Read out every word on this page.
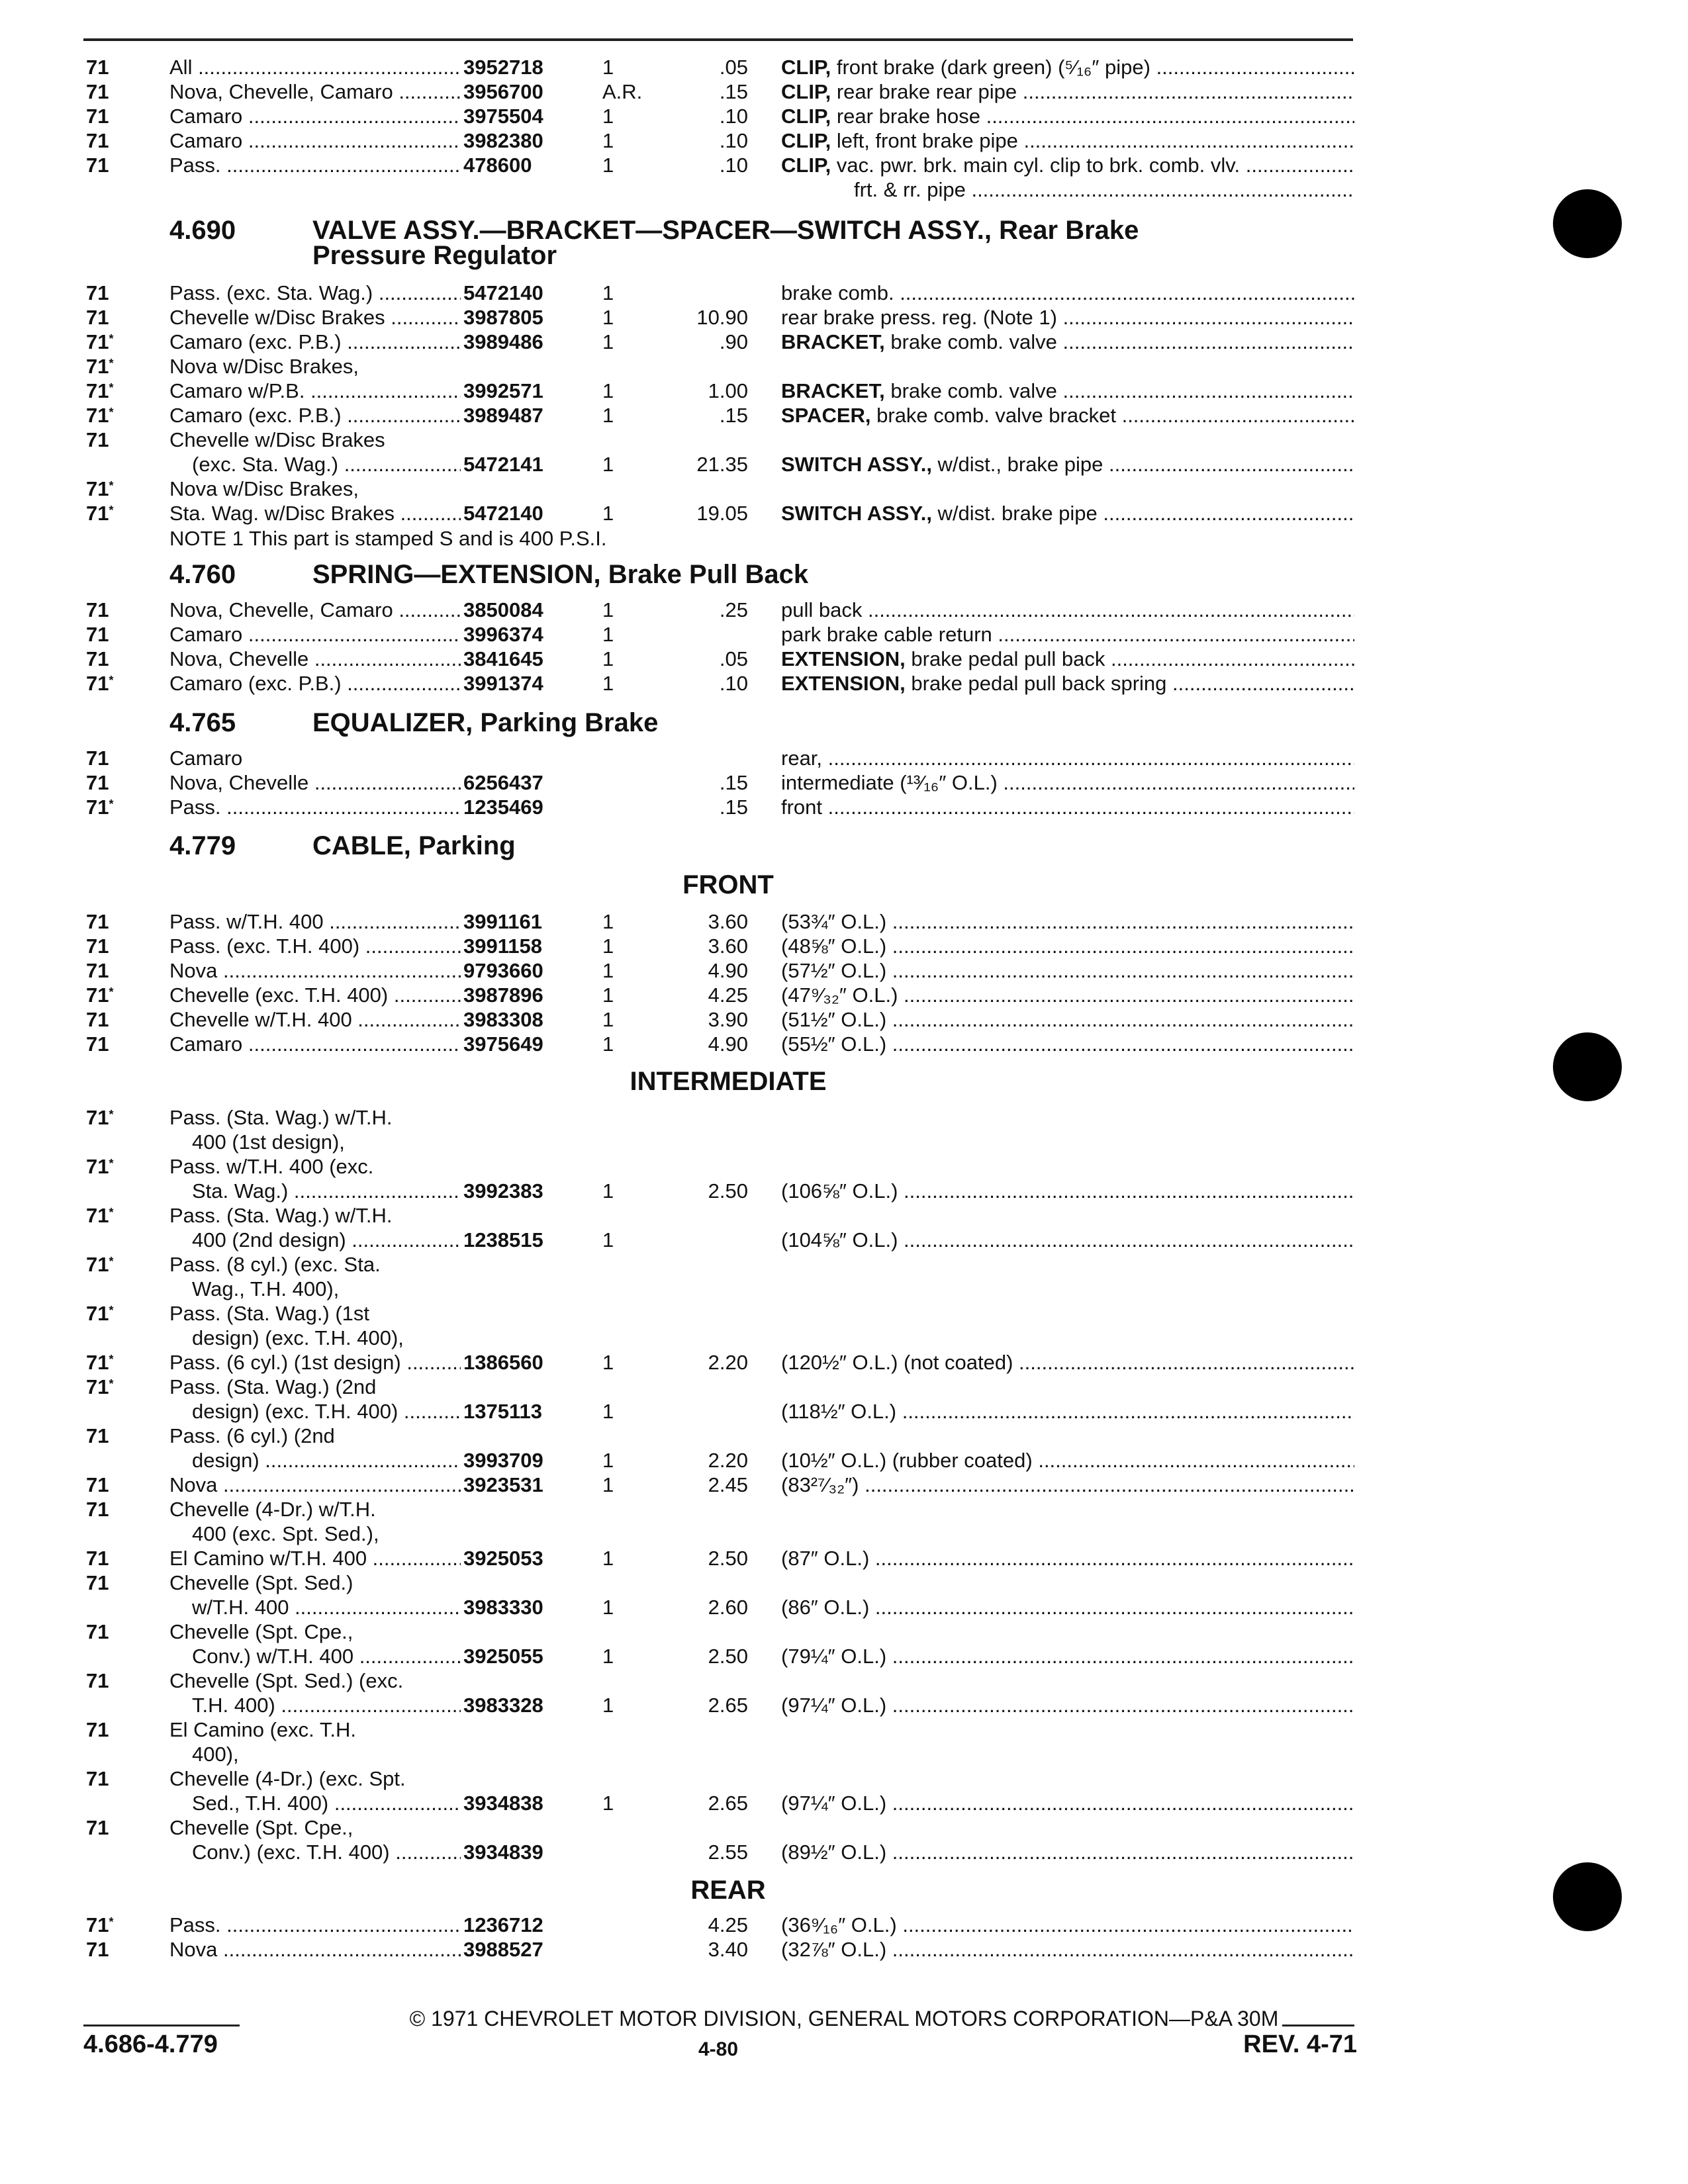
71	All .....	3952718	1	.05 CLIP, front brake (dark green) (⁵⁄₁₆″ pipe) .....
71	Nova, Chevelle, Camaro .....	3956700	A.R.	.15 CLIP, rear brake rear pipe .....
71	Camaro .....	3975504	1	.10 CLIP, rear brake hose .....
71	Camaro .....	3982380	1	.10 CLIP, left, front brake pipe .....
71	Pass. .....	478600	1	.10 CLIP, vac. pwr. brk. main cyl. clip to brk. comb. vlv. .....
frt. & rr. pipe .....
71	Pass. (exc. Sta. Wag.) .....	5472140	1	brake comb. .....
71	Chevelle w/Disc Brakes .....	3987805	1	10.90 rear brake press. reg. (Note 1) .....
71*	Camaro (exc. P.B.) .....	3989486	1	.90 BRACKET, brake comb. valve .....
71*	Nova w/Disc Brakes,
71*	Camaro w/P.B. .....	3992571	1	1.00 BRACKET, brake comb. valve .....
71*	Camaro (exc. P.B.) .....	3989487	1	.15 SPACER, brake comb. valve bracket .....
71	Chevelle w/Disc Brakes
(exc. Sta. Wag.) .....	5472141	1	21.35 SWITCH ASSY., w/dist., brake pipe .....
71*	Nova w/Disc Brakes,
71*	Sta. Wag. w/Disc Brakes .....	5472140	1	19.05 SWITCH ASSY., w/dist. brake pipe .....
71	Nova, Chevelle, Camaro .....	3850084	1	.25 pull back .....
71	Camaro .....	3996374	1	park brake cable return .....
71	Nova, Chevelle .....	3841645	1	.05 EXTENSION, brake pedal pull back .....
71*	Camaro (exc. P.B.) .....	3991374	1	.10 EXTENSION, brake pedal pull back spring .....
71	Camaro	rear, .....
71	Nova, Chevelle .....	6256437	.15 intermediate (¹³⁄₁₆″ O.L.) .....
71*	Pass. .....	1235469	.15 front .....
71	Pass. w/T.H. 400 .....	3991161	1	3.60 (53¾″ O.L.) .....
71	Pass. (exc. T.H. 400) .....	3991158	1	3.60 (48⅝″ O.L.) .....
71	Nova .....	9793660	1	4.90 (57½″ O.L.) .....
71*	Chevelle (exc. T.H. 400) .....	3987896	1	4.25 (47⁹⁄₃₂″ O.L.) .....
71	Chevelle w/T.H. 400 .....	3983308	1	3.90 (51½″ O.L.) .....
71	Camaro .....	3975649	1	4.90 (55½″ O.L.) .....
71*	Pass. (Sta. Wag.) w/T.H.
400 (1st design),
71*	Pass. w/T.H. 400 (exc.
Sta. Wag.) .....	3992383	1	2.50 (106⅝″ O.L.) .....
71*	Pass. (Sta. Wag.) w/T.H.
400 (2nd design) .....	1238515	1	(104⅝″ O.L.) .....
71*	Pass. (8 cyl.) (exc. Sta.
Wag., T.H. 400),
71*	Pass. (Sta. Wag.) (1st
design) (exc. T.H. 400),
71*	Pass. (6 cyl.) (1st design) .....	1386560	1	2.20 (120½″ O.L.) (not coated) .....
71*	Pass. (Sta. Wag.) (2nd
design) (exc. T.H. 400) .....	1375113	1	(118½″ O.L.) .....
71	Pass. (6 cyl.) (2nd
design) .....	3993709	1	2.20 (10½″ O.L.) (rubber coated) .....
71	Nova .....	3923531	1	2.45 (83²⁷⁄₃₂″) .....
71	Chevelle (4-Dr.) w/T.H.
400 (exc. Spt. Sed.),
71	El Camino w/T.H. 400 .....	3925053	1	2.50 (87″ O.L.) .....
71	Chevelle (Spt. Sed.)
w/T.H. 400 .....	3983330	1	2.60 (86″ O.L.) .....
71	Chevelle (Spt. Cpe.,
Conv.) w/T.H. 400 .....	3925055	1	2.50 (79¼″ O.L.) .....
71	Chevelle (Spt. Sed.) (exc.
T.H. 400) .....	3983328	1	2.65 (97¼″ O.L.) .....
71	El Camino (exc. T.H.
400),
71	Chevelle (4-Dr.) (exc. Spt.
Sed., T.H. 400) .....	3934838	1	2.65 (97¼″ O.L.) .....
71	Chevelle (Spt. Cpe.,
Conv.) (exc. T.H. 400) .....	3934839	2.55 (89½″ O.L.) .....
71*	Pass. .....	1236712	4.25 (36⁹⁄₁₆″ O.L.) .....
71	Nova .....	3988527	3.40 (32⅞″ O.L.) .....
4.690	VALVE ASSY.—BRACKET—SPACER—SWITCH ASSY., Rear Brake
Pressure Regulator
NOTE 1 This part is stamped S and is 400 P.S.I.
4.760	SPRING—EXTENSION, Brake Pull Back
4.765	EQUALIZER, Parking Brake
4.779	CABLE, Parking
FRONT
INTERMEDIATE
REAR
© 1971 CHEVROLET MOTOR DIVISION, GENERAL MOTORS CORPORATION—P&A 30M
4.686-4.779	4-80	REV. 4-71
